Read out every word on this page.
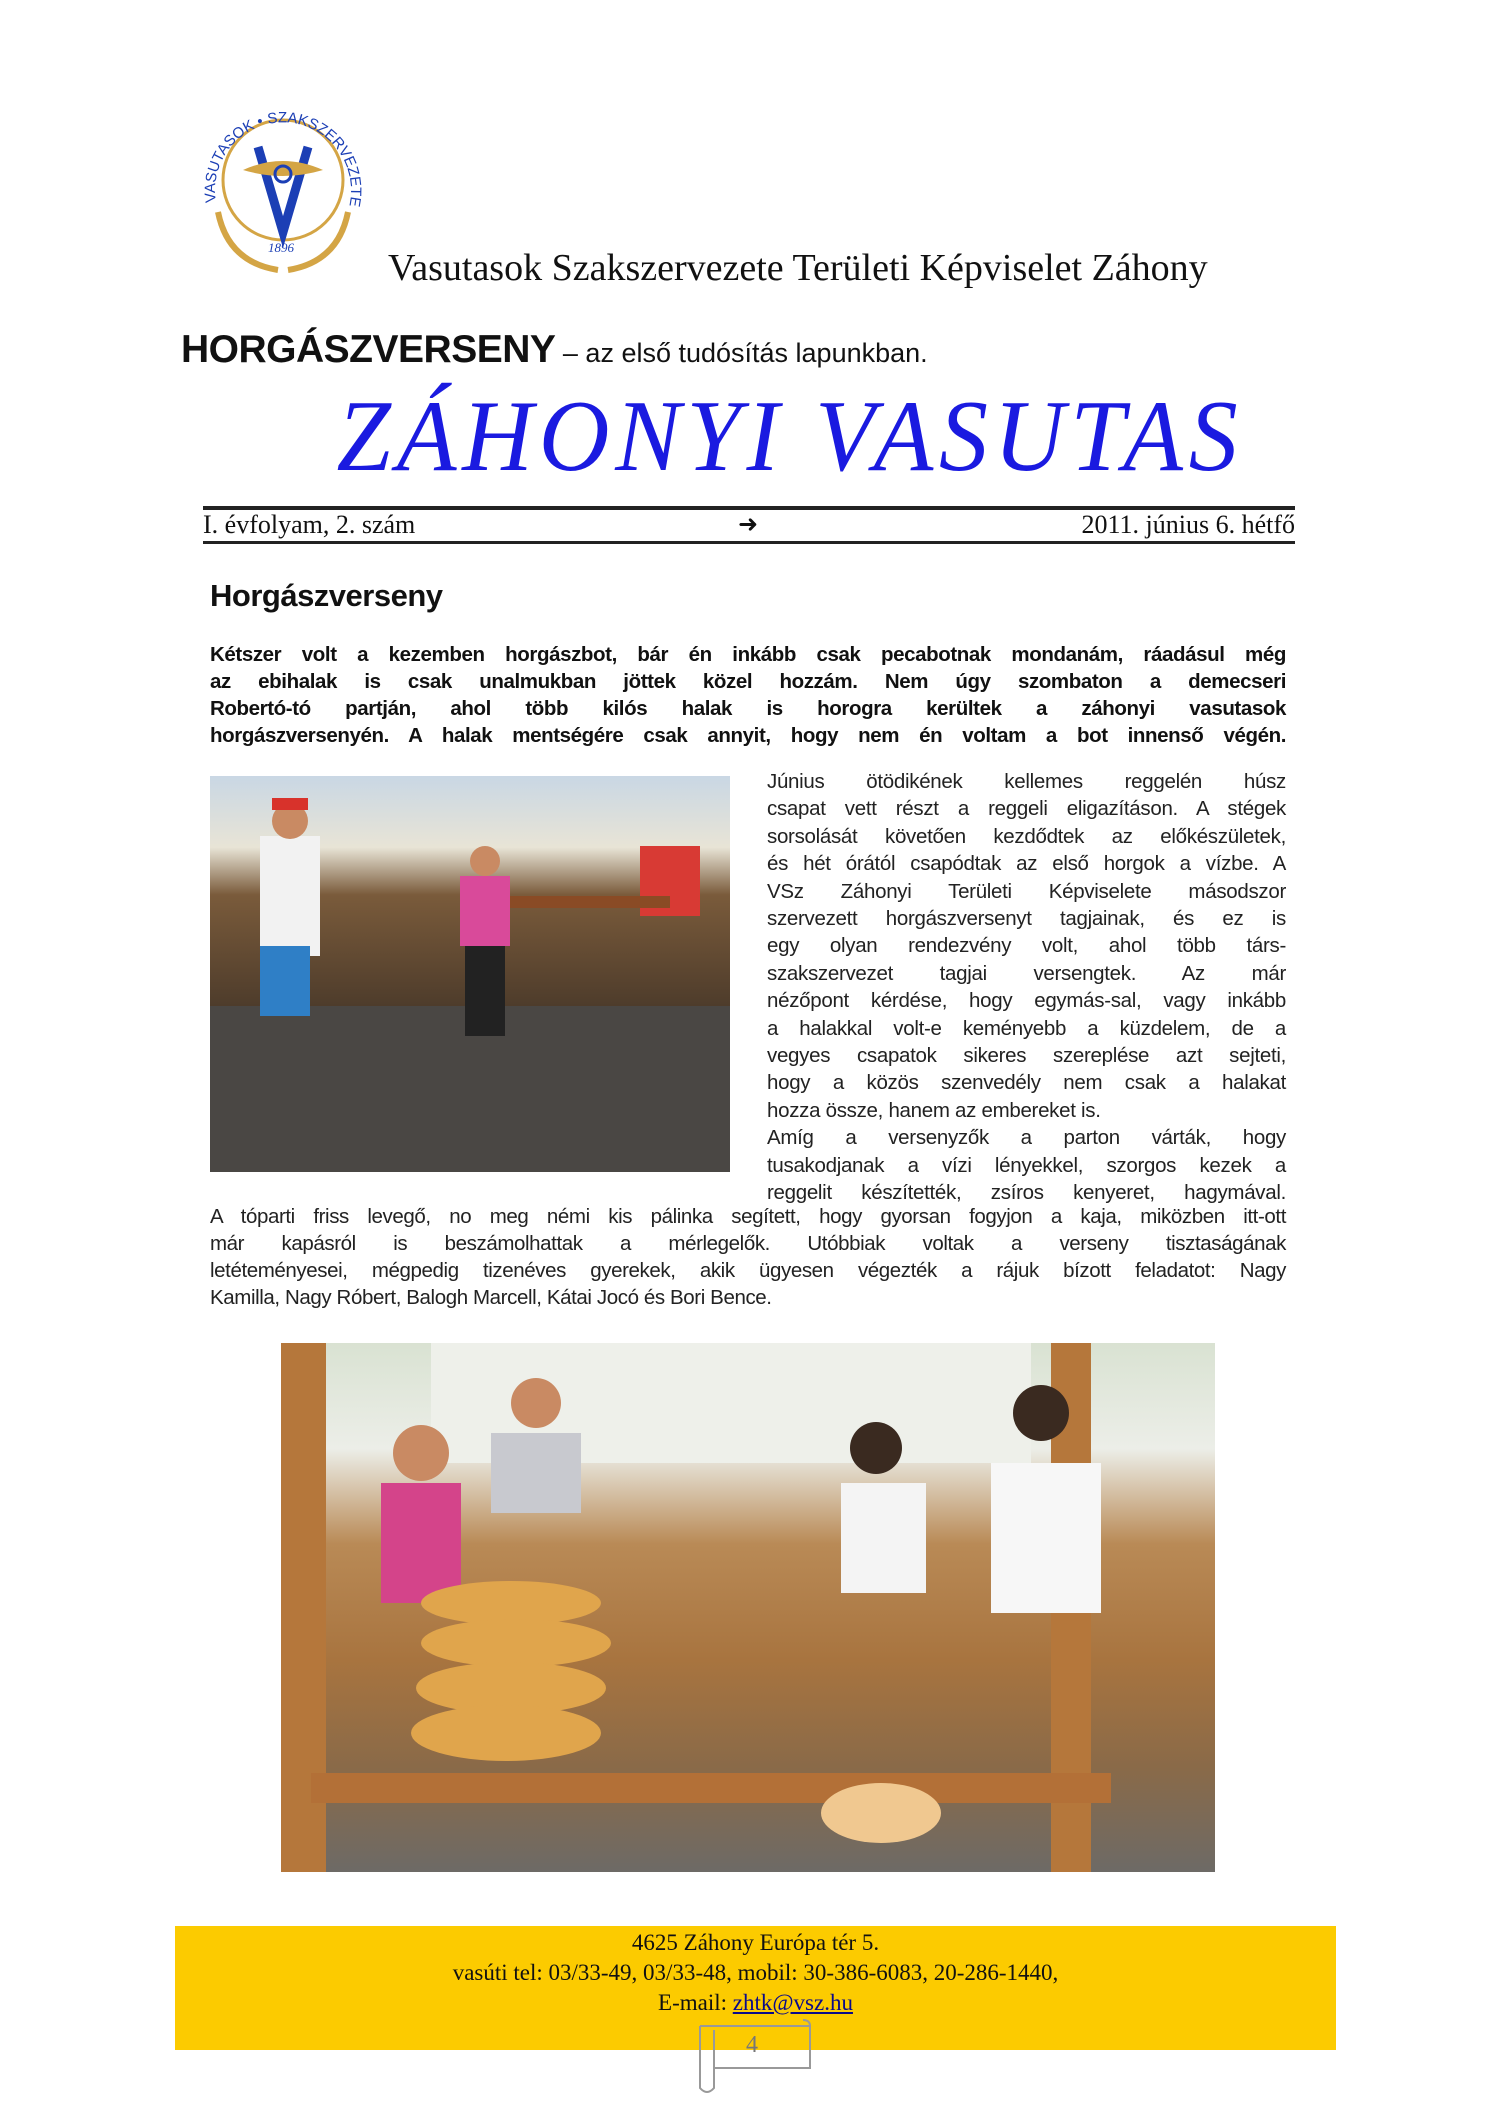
VASUTASOK • SZAKSZERVEZETE
1896 Vasutasok Szakszervezete Területi Képviselet Záhony
HORGÁSZVERSENY – az első tudósítás lapunkban.
ZÁHONYI VASUTAS
I. évfolyam, 2. szám	➜	2011. június 6. hétfő
Horgászverseny
Kétszer volt a kezemben horgászbot, bár én inkább csak pecabotnak mondanám, ráadásul még
az ebihalak is csak unalmukban jöttek közel hozzám. Nem úgy szombaton a demecseri
Robertó-tó partján, ahol több kilós halak is horogra kerültek a záhonyi vasutasok
horgászversenyén. A halak mentségére csak annyit, hogy nem én voltam a bot innenső végén.
Június ötödikének kellemes reggelén húsz
csapat vett részt a reggeli eligazításon. A stégek
sorsolását követően kezdődtek az előkészületek,
és hét órától csapódtak az első horgok a vízbe. A
VSz Záhonyi Területi Képviselete másodszor
szervezett horgászversenyt tagjainak, és ez is
egy olyan rendezvény volt, ahol több társ-
szakszervezet tagjai versengtek. Az már
nézőpont kérdése, hogy egymás-sal, vagy inkább
a halakkal volt-e keményebb a küzdelem, de a
vegyes csapatok sikeres szereplése azt sejteti,
hogy a közös szenvedély nem csak a halakat
hozza össze, hanem az embereket is.
Amíg a versenyzők a parton várták, hogy
tusakodjanak a vízi lényekkel, szorgos kezek a
reggelit készítették, zsíros kenyeret, hagymával.
A tóparti friss levegő, no meg némi kis pálinka segített, hogy gyorsan fogyjon a kaja, miközben itt-ott
már kapásról is beszámolhattak a mérlegelők. Utóbbiak voltak a verseny tisztaságának
letéteményesei, mégpedig tizenéves gyerekek, akik ügyesen végezték a rájuk bízott feladatot: Nagy
Kamilla, Nagy Róbert, Balogh Marcell, Kátai Jocó és Bori Bence.
4625 Záhony Európa tér 5.
vasúti tel: 03/33-49, 03/33-48, mobil: 30-386-6083, 20-286-1440,
E-mail: zhtk@vsz.hu
4
